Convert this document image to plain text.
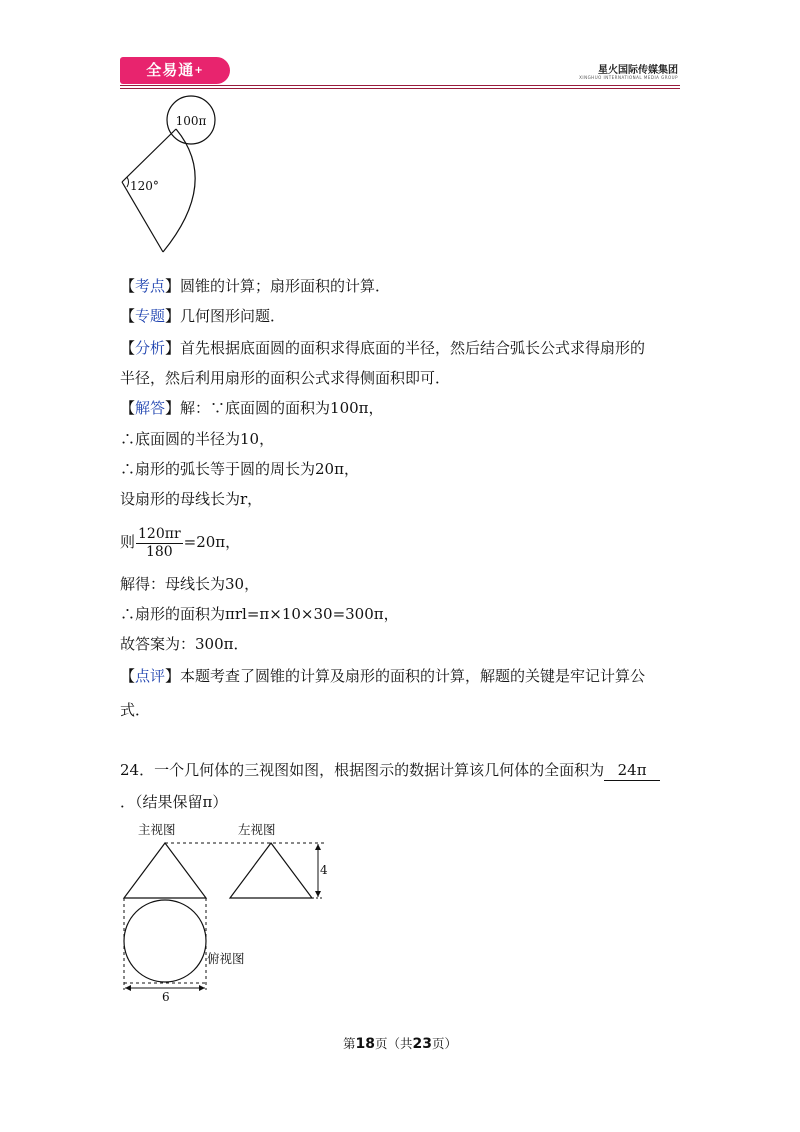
全易通+	星火国际传媒集团
XINGHUO INTERNATIONAL MEDIA GROUP
100π
120°
【考点】圆锥的计算；扇形面积的计算．
【专题】几何图形问题．
【分析】首先根据底面圆的面积求得底面的半径，然后结合弧长公式求得扇形的
半径，然后利用扇形的面积公式求得侧面积即可．
【解答】解：∵底面圆的面积为100π，
∴底面圆的半径为10，
∴扇形的弧长等于圆的周长为20π，
设扇形的母线长为r，
则 $\frac{120\pi r}{180} =20\pi$，
解得：母线长为30，
∴扇形的面积为πrl=π×10×30=300π，
故答案为：300π．
【点评】本题考查了圆锥的计算及扇形的面积的计算，解题的关键是牢记计算公
式．
24．一个几何体的三视图如图，根据图示的数据计算该几何体的全面积为 24π
．（结果保留π）
主视图	左视图
4
俯视图
6
第18页（共23页）
